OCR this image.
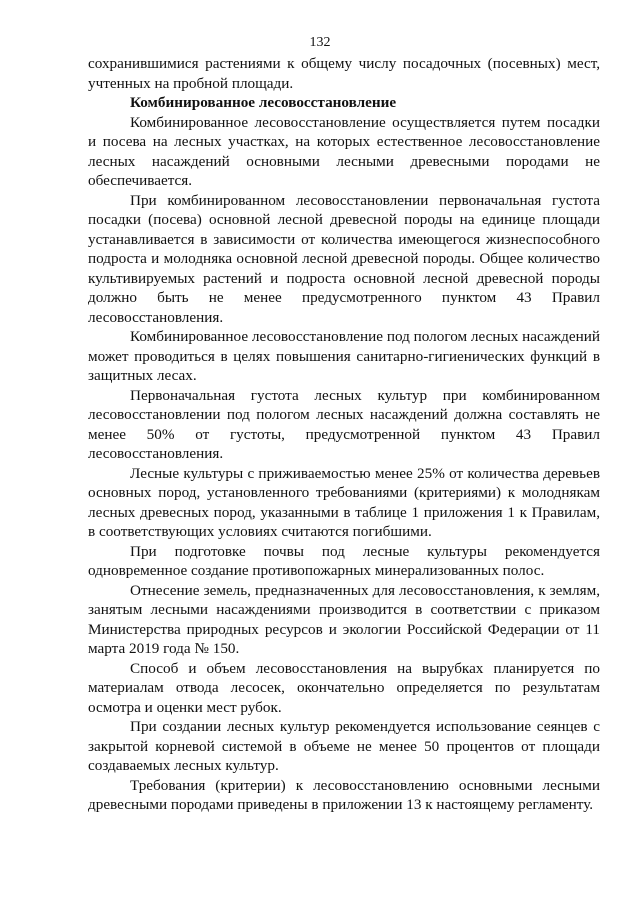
132

сохранившимися растениями к общему числу посадочных (посевных) мест, учтенных на пробной площади.

Комбинированное лесовосстановление

Комбинированное лесовосстановление осуществляется путем посадки и посева на лесных участках, на которых естественное лесовосстановление лесных насаждений основными лесными древесными породами не обеспечивается.

При комбинированном лесовосстановлении первоначальная густота посадки (посева) основной лесной древесной породы на единице площади устанавливается в зависимости от количества имеющегося жизнеспособного подроста и молодняка основной лесной древесной породы. Общее количество культивируемых растений и подроста основной лесной древесной породы должно быть не менее предусмотренного пунктом 43 Правил лесовосстановления.

Комбинированное лесовосстановление под пологом лесных насаждений может проводиться в целях повышения санитарно-гигиенических функций в защитных лесах.

Первоначальная густота лесных культур при комбинированном лесовосстановлении под пологом лесных насаждений должна составлять не менее 50% от густоты, предусмотренной пунктом 43 Правил лесовосстановления.

Лесные культуры с приживаемостью менее 25% от количества деревьев основных пород, установленного требованиями (критериями) к молоднякам лесных древесных пород, указанными в таблице 1 приложения 1 к Правилам, в соответствующих условиях считаются погибшими.

При подготовке почвы под лесные культуры рекомендуется одновременное создание противопожарных минерализованных полос.

Отнесение земель, предназначенных для лесовосстановления, к землям, занятым лесными насаждениями производится в соответствии с приказом Министерства природных ресурсов и экологии Российской Федерации от 11 марта 2019 года № 150.

Способ и объем лесовосстановления на вырубках планируется по материалам отвода лесосек, окончательно определяется по результатам осмотра и оценки мест рубок.

При создании лесных культур рекомендуется использование сеянцев с закрытой корневой системой в объеме не менее 50 процентов от площади создаваемых лесных культур.

Требования (критерии) к лесовосстановлению основными лесными древесными породами приведены в приложении 13 к настоящему регламенту.
